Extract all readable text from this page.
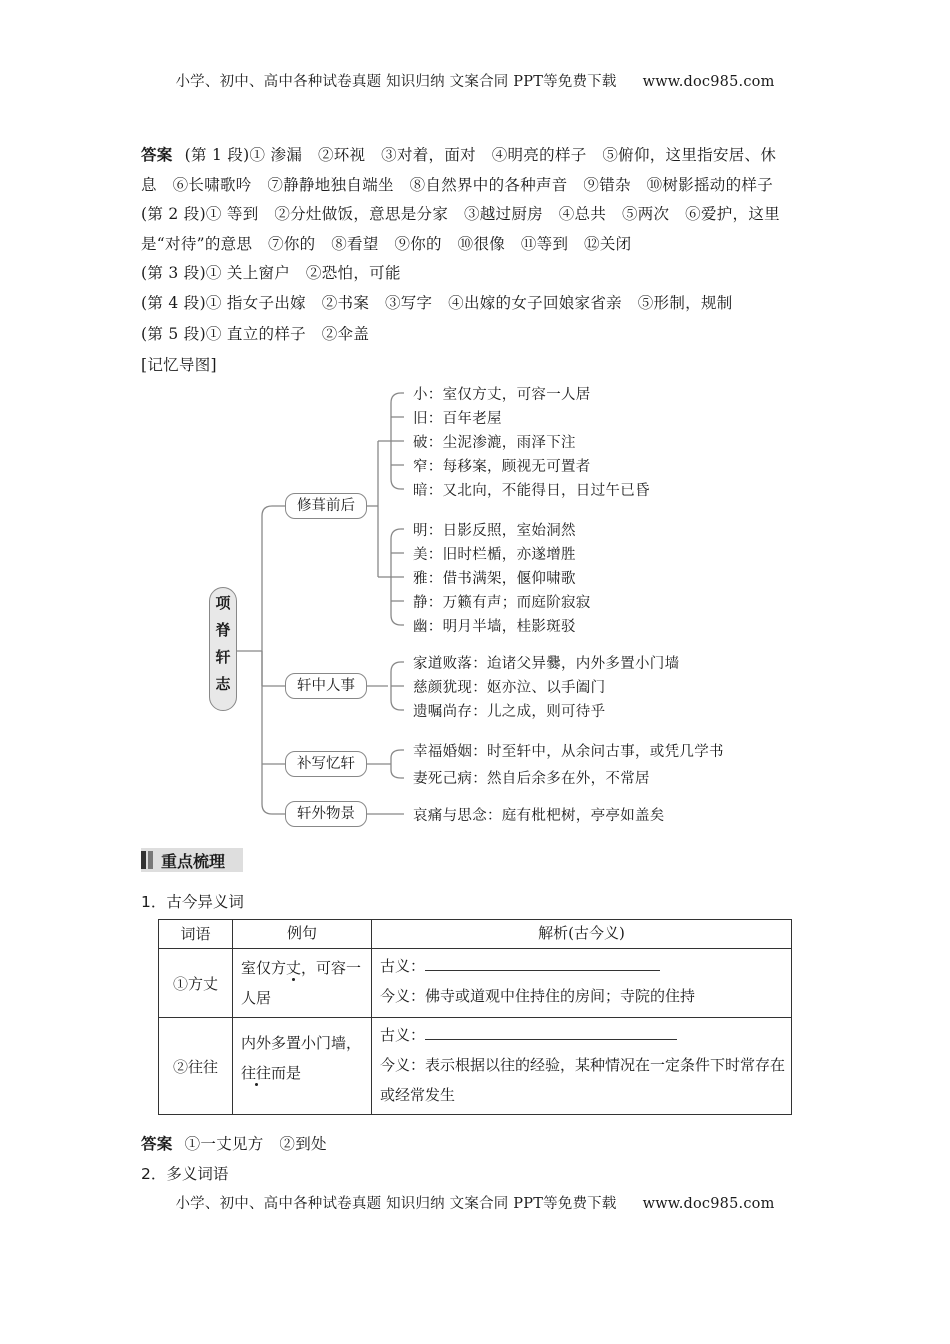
小学、初中、高中各种试卷真题 知识归纳 文案合同 PPT等免费下载 www.doc985.com
答案 (第 1 段)① 渗漏　②环视　③对着，面对　④明亮的样子　⑤俯仰，这里指安居、休
息　⑥长啸歌吟　⑦静静地独自端坐　⑧自然界中的各种声音　⑨错杂　⑩树影摇动的样子
(第 2 段)① 等到　②分灶做饭，意思是分家　③越过厨房　④总共　⑤两次　⑥爱护，这里
是“对待”的意思　⑦你的　⑧看望　⑨你的　⑩很像　⑪等到　⑫关闭
(第 3 段)① 关上窗户　②恐怕，可能
(第 4 段)① 指女子出嫁　②书案　③写字　④出嫁的女子回娘家省亲　⑤形制，规制
(第 5 段)① 直立的样子　②伞盖
[记忆导图]
项
脊
轩
志
修葺前后
轩中人事
补写忆轩
轩外物景
小：室仅方丈，可容一人居
旧：百年老屋
破：尘泥渗漉，雨泽下注
窄：每移案，顾视无可置者
暗：又北向，不能得日，日过午已昏
明：日影反照，室始洞然
美：旧时栏楯，亦遂增胜
雅：借书满架，偃仰啸歌
静：万籁有声；而庭阶寂寂
幽：明月半墙，桂影斑驳
家道败落：迨诸父异爨，内外多置小门墙
慈颜犹现：妪亦泣、以手阖门
遗嘱尚存：儿之成，则可待乎
幸福婚姻：时至轩中，从余问古事，或凭几学书
妻死己病：然自后余多在外，不常居
哀痛与思念：庭有枇杷树，亭亭如盖矣
重点梳理
1．古今异义词
词语	例句	解析(古今义)
①方丈	室仅方丈，可容一人居	古义：
今义：佛寺或道观中住持住的房间；寺院的住持

②往往	内外多置小门墙，往往而是	古义：
今义：表示根据以往的经验，某种情况在一定条件下时常存在或经常发生
答案 ①一丈见方　②到处
2．多义词语
小学、初中、高中各种试卷真题 知识归纳 文案合同 PPT等免费下载 www.doc985.com
